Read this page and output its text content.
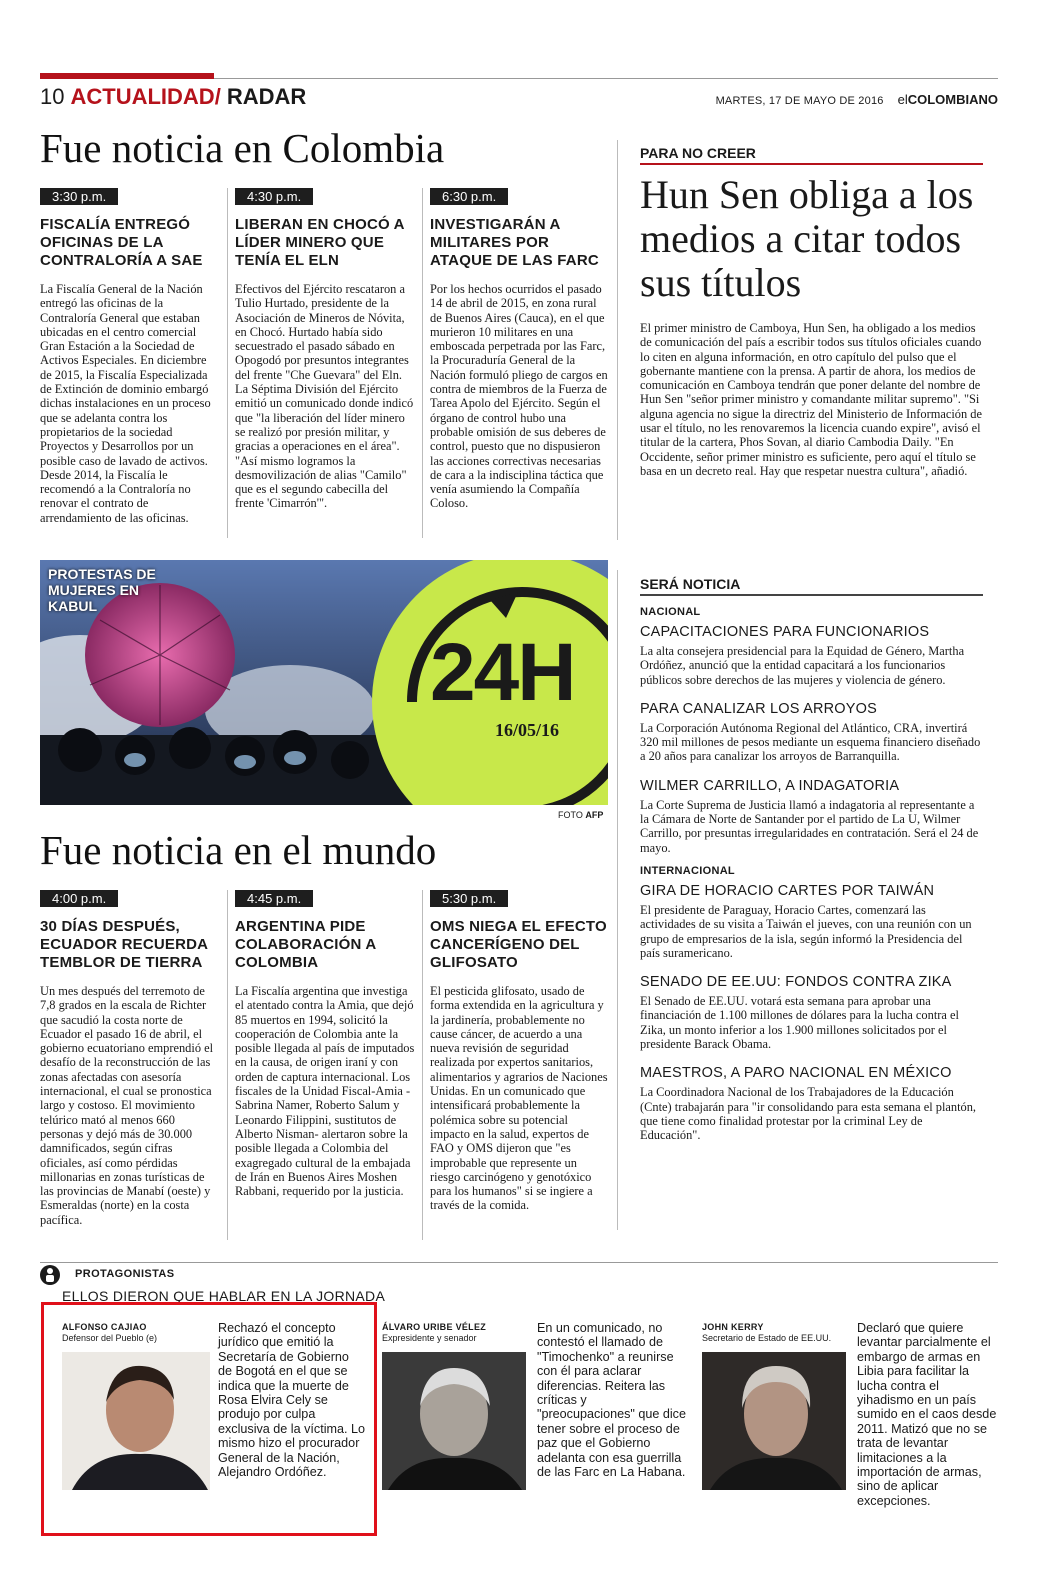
10 ACTUALIDAD/ RADAR	MARTES, 17 DE MAYO DE 2016 elCOLOMBIANO
Fue noticia en Colombia
3:30 p.m.
FISCALÍA ENTREGÓ OFICINAS DE LA CONTRALORÍA A SAE

La Fiscalía General de la Nación entregó las oficinas de la Contraloría General que estaban ubicadas en el centro comercial Gran Estación a la Sociedad de Activos Especiales. En diciembre de 2015, la Fiscalía Especializada de Extinción de dominio embargó dichas instalaciones en un proceso que se adelanta contra los propietarios de la sociedad Proyectos y Desarrollos por un posible caso de lavado de activos. Desde 2014, la Fiscalía le recomendó a la Contraloría no renovar el contrato de arrendamiento de las oficinas.

4:30 p.m.
LIBERAN EN CHOCÓ A LÍDER MINERO QUE TENÍA EL ELN

Efectivos del Ejército rescataron a Tulio Hurtado, presidente de la Asociación de Mineros de Nóvita, en Chocó. Hurtado había sido secuestrado el pasado sábado en Opogodó por presuntos integrantes del frente "Che Guevara" del Eln. La Séptima División del Ejército emitió un comunicado donde indicó que "la liberación del líder minero se realizó por presión militar, y gracias a operaciones en el área". "Así mismo logramos la desmovilización de alias "Camilo" que es el segundo cabecilla del frente 'Cimarrón'".

6:30 p.m.
INVESTIGARÁN A MILITARES POR ATAQUE DE LAS FARC

Por los hechos ocurridos el pasado 14 de abril de 2015, en zona rural de Buenos Aires (Cauca), en el que murieron 10 militares en una emboscada perpetrada por las Farc, la Procuraduría General de la Nación formuló pliego de cargos en contra de miembros de la Fuerza de Tarea Apolo del Ejército. Según el órgano de control hubo una probable omisión de sus deberes de control, puesto que no dispusieron las acciones correctivas necesarias de cara a la indisciplina táctica que venía asumiendo la Compañía Coloso.

PARA NO CREER
Hun Sen obliga a los medios a citar todos sus títulos

El primer ministro de Camboya, Hun Sen, ha obligado a los medios de comunicación del país a escribir todos sus títulos oficiales cuando lo citen en alguna información, en otro capítulo del pulso que el gobernante mantiene con la prensa. A partir de ahora, los medios de comunicación en Camboya tendrán que poner delante del nombre de Hun Sen "señor primer ministro y comandante militar supremo". "Si alguna agencia no sigue la directriz del Ministerio de Información de usar el título, no les renovaremos la licencia cuando expire", avisó el titular de la cartera, Phos Sovan, al diario Cambodia Daily. "En Occidente, señor primer ministro es suficiente, pero aquí el título se basa en un decreto real. Hay que respetar nuestra cultura", añadió.

PROTESTAS DE MUJERES EN KABUL
24H
16/05/16
FOTO AFP
Fue noticia en el mundo
4:00 p.m.
30 DÍAS DESPUÉS, ECUADOR RECUERDA TEMBLOR DE TIERRA

Un mes después del terremoto de 7,8 grados en la escala de Richter que sacudió la costa norte de Ecuador el pasado 16 de abril, el gobierno ecuatoriano emprendió el desafío de la reconstrucción de las zonas afectadas con asesoría internacional, el cual se pronostica largo y costoso. El movimiento telúrico mató al menos 660 personas y dejó más de 30.000 damnificados, según cifras oficiales, así como pérdidas millonarias en zonas turísticas de las provincias de Manabí (oeste) y Esmeraldas (norte) en la costa pacífica.

4:45 p.m.
ARGENTINA PIDE COLABORACIÓN A COLOMBIA

La Fiscalía argentina que investiga el atentado contra la Amia, que dejó 85 muertos en 1994, solicitó la cooperación de Colombia ante la posible llegada al país de imputados en la causa, de origen iraní y con orden de captura internacional. Los fiscales de la Unidad Fiscal-Amia -Sabrina Namer, Roberto Salum y Leonardo Filippini, sustitutos de Alberto Nisman- alertaron sobre la posible llegada a Colombia del exagregado cultural de la embajada de Irán en Buenos Aires Moshen Rabbani, requerido por la justicia.

5:30 p.m.
OMS NIEGA EL EFECTO CANCERÍGENO DEL GLIFOSATO

El pesticida glifosato, usado de forma extendida en la agricultura y la jardinería, probablemente no cause cáncer, de acuerdo a una nueva revisión de seguridad realizada por expertos sanitarios, alimentarios y agrarios de Naciones Unidas. En un comunicado que intensificará probablemente la polémica sobre su potencial impacto en la salud, expertos de FAO y OMS dijeron que "es improbable que represente un riesgo carcinógeno y genotóxico para los humanos" si se ingiere a través de la comida.

SERÁ NOTICIA
NACIONAL
CAPACITACIONES PARA FUNCIONARIOS

La alta consejera presidencial para la Equidad de Género, Martha Ordóñez, anunció que la entidad capacitará a los funcionarios públicos sobre derechos de las mujeres y violencia de género.

PARA CANALIZAR LOS ARROYOS

La Corporación Autónoma Regional del Atlántico, CRA, invertirá 320 mil millones de pesos mediante un esquema financiero diseñado a 20 años para canalizar los arroyos de Barranquilla.

WILMER CARRILLO, A INDAGATORIA

La Corte Suprema de Justicia llamó a indagatoria al representante a la Cámara de Norte de Santander por el partido de La U, Wilmer Carrillo, por presuntas irregularidades en contratación. Será el 24 de mayo.

INTERNACIONAL
GIRA DE HORACIO CARTES POR TAIWÁN

El presidente de Paraguay, Horacio Cartes, comenzará las actividades de su visita a Taiwán el jueves, con una reunión con un grupo de empresarios de la isla, según informó la Presidencia del país suramericano.

SENADO DE EE.UU: FONDOS CONTRA ZIKA

El Senado de EE.UU. votará esta semana para aprobar una financiación de 1.100 millones de dólares para la lucha contra el Zika, un monto inferior a los 1.900 millones solicitados por el presidente Barack Obama.

MAESTROS, A PARO NACIONAL EN MÉXICO

La Coordinadora Nacional de los Trabajadores de la Educación (Cnte) trabajarán para "ir consolidando para esta semana el plantón, que tiene como finalidad protestar por la criminal Ley de Educación".

PROTAGONISTAS
ELLOS DIERON QUE HABLAR EN LA JORNADA
ALFONSO CAJIAO
Defensor del Pueblo (e)
Rechazó el concepto jurídico que emitió la Secretaría de Gobierno de Bogotá en el que se indica que la muerte de Rosa Elvira Cely se produjo por culpa exclusiva de la víctima. Lo mismo hizo el procurador General de la Nación, Alejandro Ordóñez.
ÁLVARO URIBE VÉLEZ
Expresidente y senador
En un comunicado, no contestó el llamado de "Timochenko" a reunirse con él para aclarar diferencias. Reitera las críticas y "preocupaciones" que dice tener sobre el proceso de paz que el Gobierno adelanta con esa guerrilla de las Farc en La Habana.
JOHN KERRY
Secretario de Estado de EE.UU.
Declaró que quiere levantar parcialmente el embargo de armas en Libia para facilitar la lucha contra el yihadismo en un país sumido en el caos desde 2011. Matizó que no se trata de levantar limitaciones a la importación de armas, sino de aplicar excepciones.
